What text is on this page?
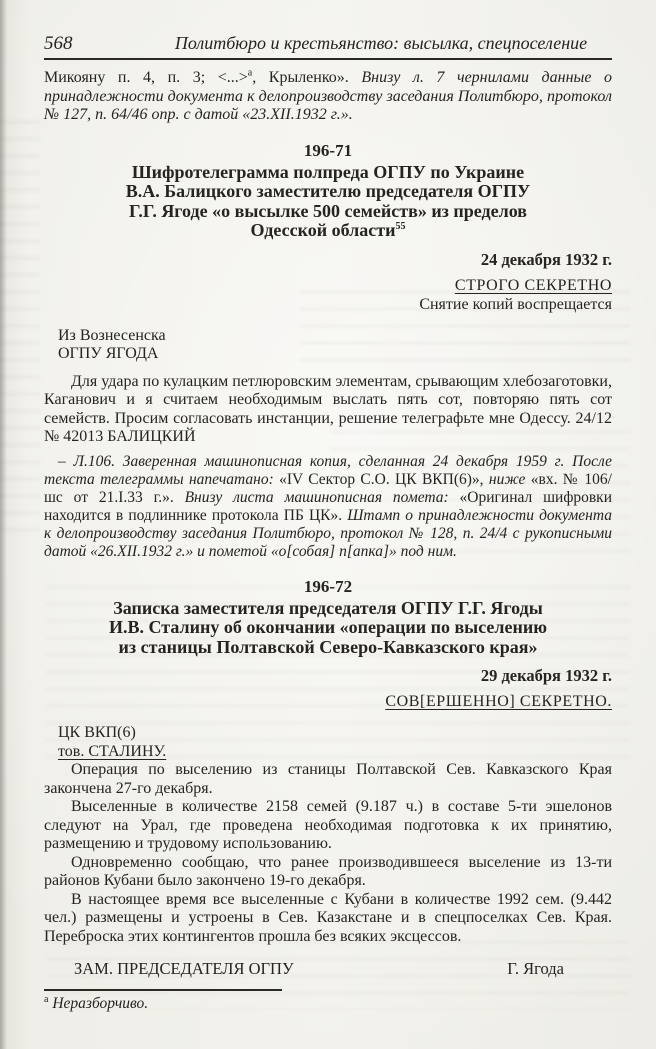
568	Политбюро и крестьянство: высылка, спецпоселение

Микояну п. 4, п. 3; <...>$^а$, Крыленко». Внизу л. 7 чернилами данные о принадлежности документа к делопроизводству заседания Политбюро, протокол № 127, п. 64/46 опр. с датой «23.XII.1932 г.».

196-71

Шифротелеграмма полпреда ОГПУ по Украине
В.А. Балицкого заместителю председателя ОГПУ
Г.Г. Ягоде «о высылке 500 семейств» из пределов
Одесской области$^{55}$

24 декабря 1932 г.

СТРОГО СЕКРЕТНО

Снятие копий воспрещается

Из Вознесенска
ОГПУ ЯГОДА

Для удара по кулацким петлюровским элементам, срывающим хлебозаготовки, Каганович и я считаем необходимым выслать пять сот, повторяю пять сот семейств. Просим согласовать инстанции, решение телеграфьте мне Одессу. 24/12 № 42013 БАЛИЦКИЙ

– Л.106. Заверенная машинописная копия, сделанная 24 декабря 1959 г. После текста телеграммы напечатано: «IV Сектор С.О. ЦК ВКП(6)», ниже «вх. № 106/шс от 21.I.33 г.». Внизу листа машинописная помета: «Оригинал шифровки находится в подлиннике протокола ПБ ЦК». Штамп о принадлежности документа к делопроизводству заседания Политбюро, протокол № 128, п. 24/4 с рукописными датой «26.XII.1932 г.» и пометой «о[собая] п[апка]» под ним.

196-72

Записка заместителя председателя ОГПУ Г.Г. Ягоды
И.В. Сталину об окончании «операции по выселению
из станицы Полтавской Северо-Кавказского края»

29 декабря 1932 г.

СОВ[ЕРШЕННО] СЕКРЕТНО.

ЦК ВКП(6)
тов. СТАЛИНУ.

Операция по выселению из станицы Полтавской Сев. Кавказского Края закончена 27-го декабря.

Выселенные в количестве 2158 семей (9.187 ч.) в составе 5-ти эшелонов следуют на Урал, где проведена необходимая подготовка к их принятию, размещению и трудовому использованию.

Одновременно сообщаю, что ранее производившееся выселение из 13-ти районов Кубани было закончено 19-го декабря.

В настоящее время все выселенные с Кубани в количестве 1992 сем. (9.442 чел.) размещены и устроены в Сев. Казакстане и в спецпоселках Сев. Края. Переброска этих контингентов прошла без всяких эксцессов.

ЗАМ. ПРЕДСЕДАТЕЛЯ ОГПУ	Г. Ягода

$^а$ Неразборчиво.
